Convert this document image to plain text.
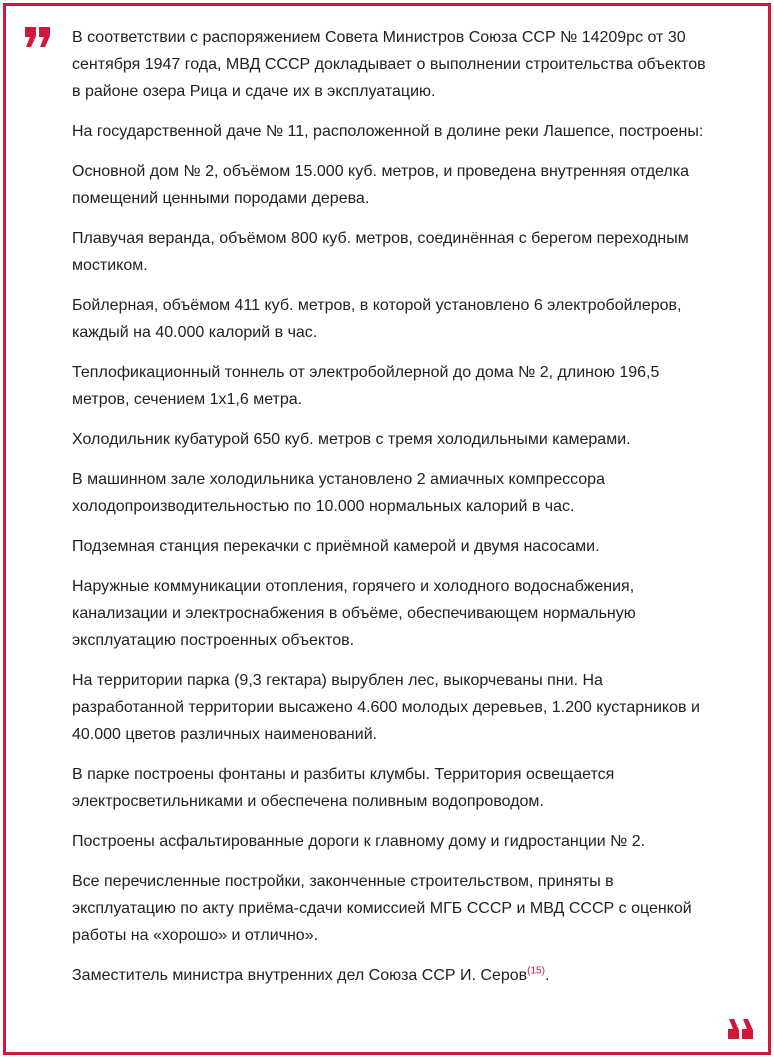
В соответствии с распоряжением Совета Министров Союза ССР № 14209рс от 30 сентября 1947 года, МВД СССР докладывает о выполнении строительства объектов в районе озера Рица и сдаче их в эксплуатацию.

На государственной даче № 11, расположенной в долине реки Лашепсе, построены:

Основной дом № 2, объёмом 15.000 куб. метров, и проведена внутренняя отделка помещений ценными породами дерева.

Плавучая веранда, объёмом 800 куб. метров, соединённая с берегом переходным мостиком.

Бойлерная, объёмом 411 куб. метров, в которой установлено 6 электробойлеров, каждый на 40.000 калорий в час.

Теплофикационный тоннель от электробойлерной до дома № 2, длиною 196,5 метров, сечением 1х1,6 метра.

Холодильник кубатурой 650 куб. метров с тремя холодильными камерами.

В машинном зале холодильника установлено 2 амиачных компрессора холодопроизводительностью по 10.000 нормальных калорий в час.

Подземная станция перекачки с приёмной камерой и двумя насосами.

Наружные коммуникации отопления, горячего и холодного водоснабжения, канализации и электроснабжения в объёме, обеспечивающем нормальную эксплуатацию построенных объектов.

На территории парка (9,3 гектара) вырублен лес, выкорчеваны пни. На разработанной территории высажено 4.600 молодых деревьев, 1.200 кустарников и 40.000 цветов различных наименований.

В парке построены фонтаны и разбиты клумбы. Территория освещается электросветильниками и обеспечена поливным водопроводом.

Построены асфальтированные дороги к главному дому и гидростанции № 2.

Все перечисленные постройки, законченные строительством, приняты в эксплуатацию по акту приёма-сдачи комиссией МГБ СССР и МВД СССР с оценкой работы на «хорошо» и отлично».

Заместитель министра внутренних дел Союза ССР И. Серов$^{(15)}$.
